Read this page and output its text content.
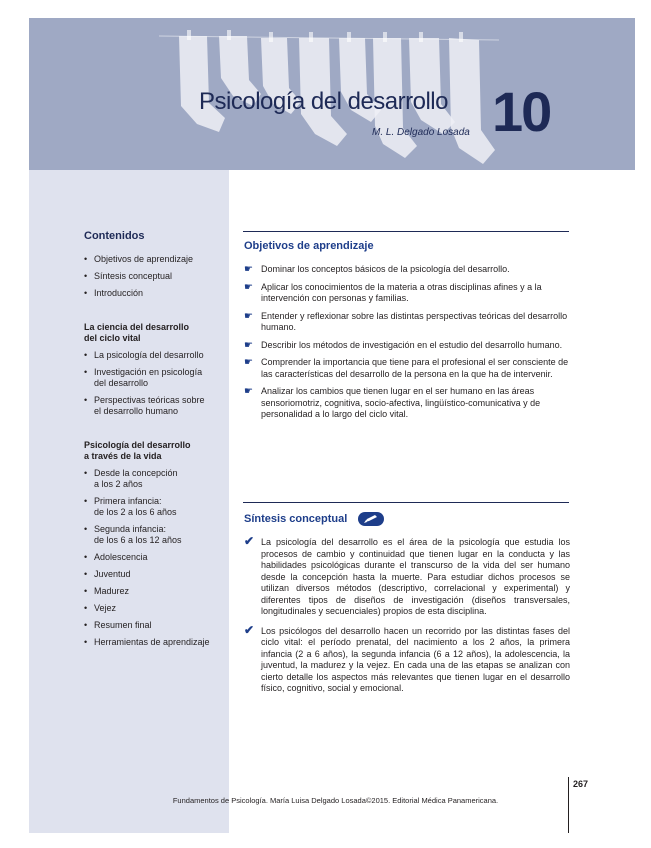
Psicología del desarrollo
M. L. Delgado Losada 10
Contenidos
• Objetivos de aprendizaje
• Síntesis conceptual
• Introducción
La ciencia del desarrollo
del ciclo vital
• La psicología del desarrollo
• Investigación en psicología
del desarrollo
• Perspectivas teóricas sobre
el desarrollo humano
Psicología del desarrollo
a través de la vida
• Desde la concepción
a los 2 años
• Primera infancia:
de los 2 a los 6 años
• Segunda infancia:
de los 6 a los 12 años
• Adolescencia
• Juventud
• Madurez
• Vejez
• Resumen final
• Herramientas de aprendizaje
Objetivos de aprendizaje
☛ Dominar los conceptos básicos de la psicología del desarrollo.
☛ Aplicar los conocimientos de la materia a otras disciplinas afines y a la intervención con personas y familias.
☛ Entender y reflexionar sobre las distintas perspectivas teóricas del desarrollo humano.
☛ Describir los métodos de investigación en el estudio del desarrollo humano.
☛ Comprender la importancia que tiene para el profesional el ser consciente de las características del desarrollo de la persona en la que ha de intervenir.
☛ Analizar los cambios que tienen lugar en el ser humano en las áreas sensoriomotriz, cognitiva, socio-afectiva, lingüístico-comunicativa y de personalidad a lo largo del ciclo vital.
Síntesis conceptual
✔ La psicología del desarrollo es el área de la psicología que estudia los procesos de cambio y continuidad que tienen lugar en la conducta y las habilidades psicológicas durante el transcurso de la vida del ser humano desde la concepción hasta la muerte. Para estudiar dichos procesos se utilizan diversos métodos (descriptivo, correlacional y experimental) y diferentes tipos de diseños de investigación (diseños transversales, longitudinales y secuenciales) propios de esta disciplina.
✔ Los psicólogos del desarrollo hacen un recorrido por las distintas fases del ciclo vital: el período prenatal, del nacimiento a los 2 años, la primera infancia (2 a 6 años), la segunda infancia (6 a 12 años), la adolescencia, la juventud, la madurez y la vejez. En cada una de las etapas se analizan con cierto detalle los aspectos más relevantes que tienen lugar en el desarrollo físico, cognitivo, social y emocional.
267
Fundamentos de Psicología. María Luisa Delgado Losada©2015. Editorial Médica Panamericana.
